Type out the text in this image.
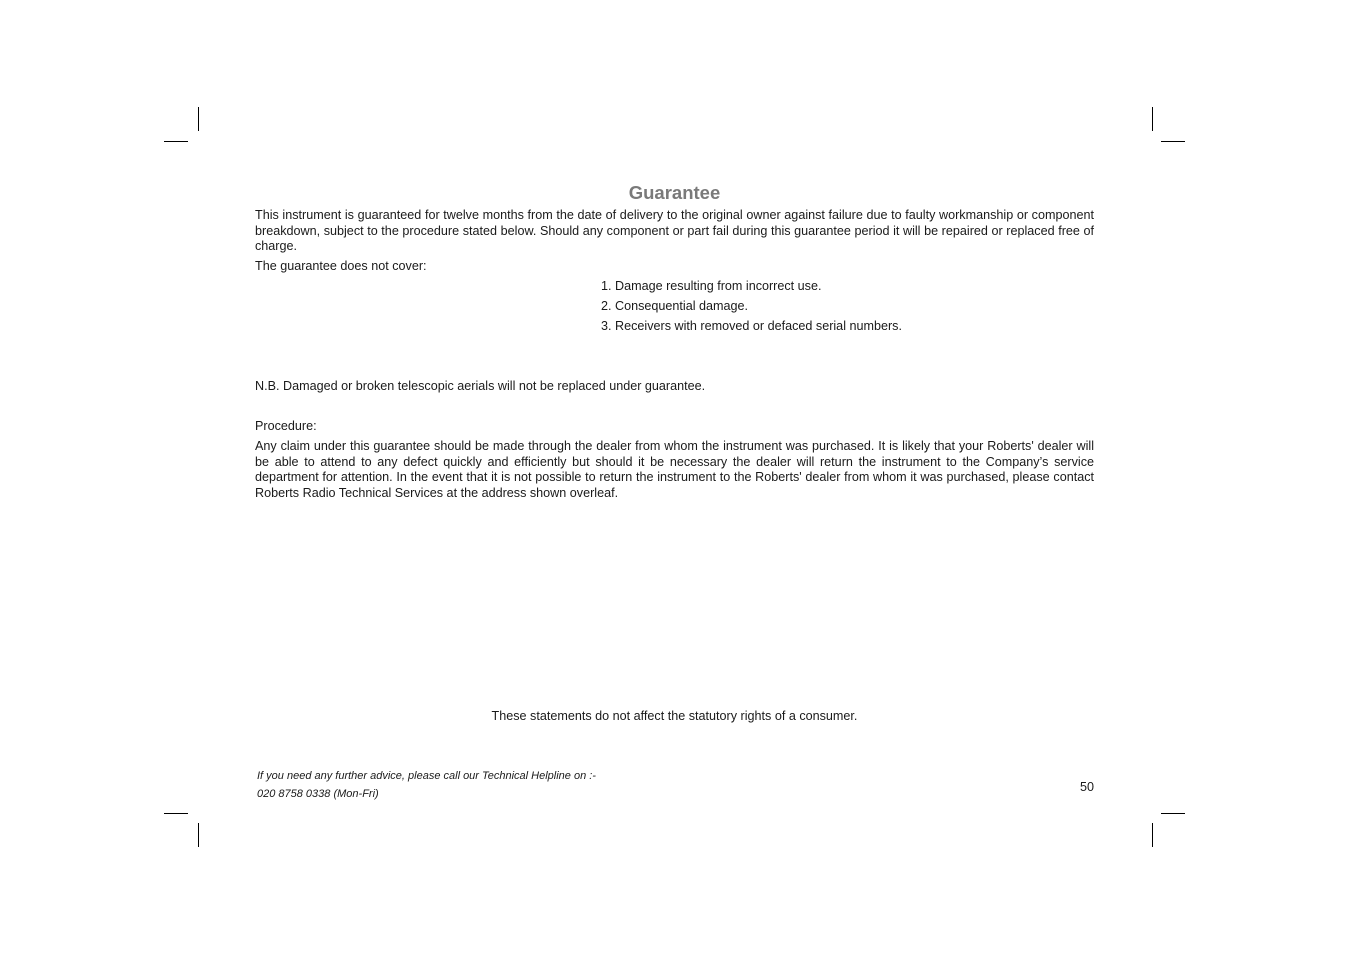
Guarantee

This instrument is guaranteed for twelve months from the date of delivery to the original owner against failure due to faulty workmanship or component breakdown, subject to the procedure stated below. Should any component or part fail during this guarantee period it will be repaired or replaced free of charge.

The guarantee does not cover:
1. Damage resulting from incorrect use.
2. Consequential damage.
3. Receivers with removed or defaced serial numbers.
N.B. Damaged or broken telescopic aerials will not be replaced under guarantee.
Procedure:

Any claim under this guarantee should be made through the dealer from whom the instrument was purchased. It is likely that your Roberts' dealer will be able to attend to any defect quickly and efficiently but should it be necessary the dealer will return the instrument to the Company’s service department for attention. In the event that it is not possible to return the instrument to the Roberts' dealer from whom it was purchased, please contact Roberts Radio Technical Services at the address shown overleaf.

These statements do not affect the statutory rights of a consumer.
If you need any further advice, please call our Technical Helpline on :-
020 8758 0338 (Mon-Fri)	50
